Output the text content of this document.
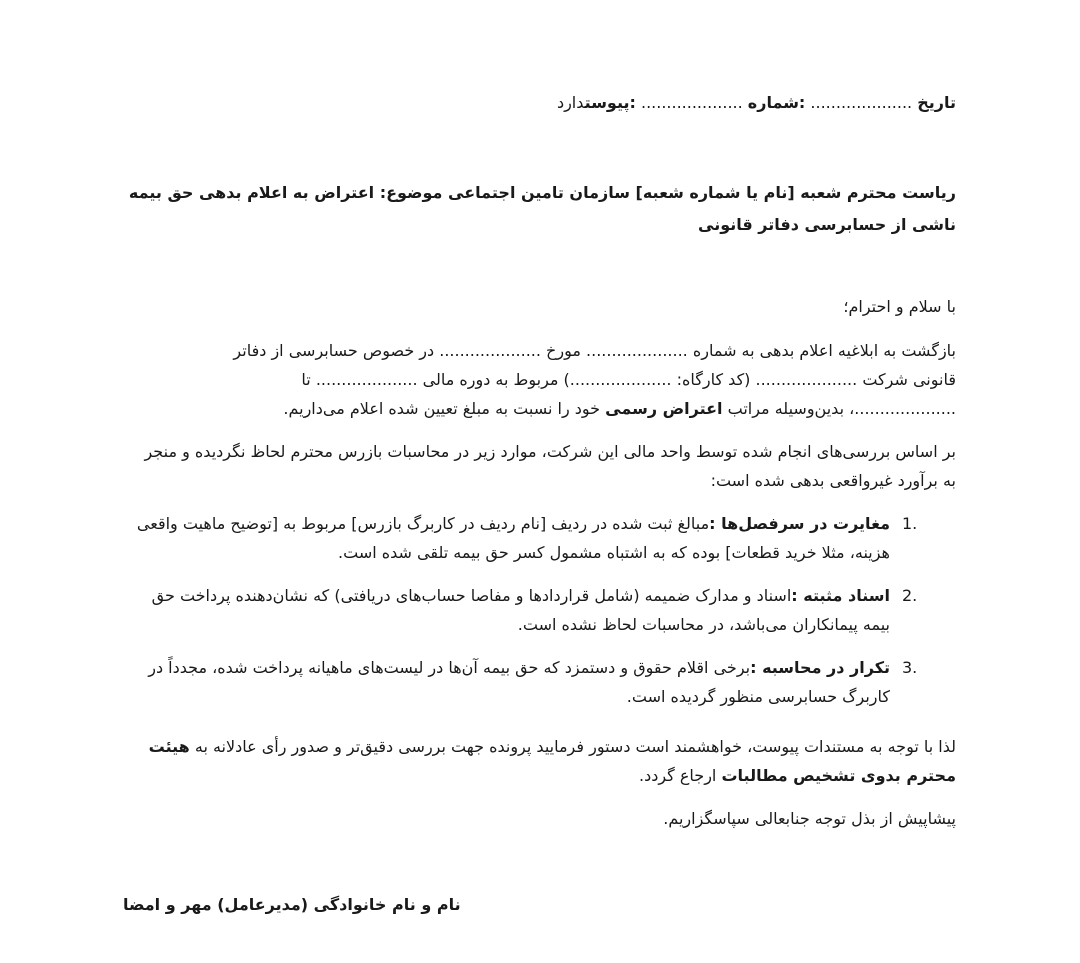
تاریخ .................... :شماره .................... :پیوستدارد
ریاست محترم شعبه [نام یا شماره شعبه] سازمان تامین اجتماعی موضوع: اعتراض به اعلام بدهی حق بیمه ناشی از حسابرسی دفاتر قانونی
با سلام و احترام؛
بازگشت به ابلاغیه اعلام بدهی به شماره .................... مورخ .................... در خصوص حسابرسی از دفاتر
قانونی شرکت .................... (کد کارگاه: ....................) مربوط به دوره مالی .................... تا
....................، بدین‌وسیله مراتب اعتراض رسمی خود را نسبت به مبلغ تعیین شده اعلام می‌داریم.
بر اساس بررسی‌های انجام شده توسط واحد مالی این شرکت، موارد زیر در محاسبات بازرس محترم لحاظ نگردیده و منجر به برآورد غیرواقعی بدهی شده است:
1.
مغایرت در سرفصل‌ها :مبالغ ثبت شده در ردیف [نام ردیف در کاربرگ بازرس] مربوط به [توضیح ماهیت واقعی هزینه، مثلا خرید قطعات] بوده که به اشتباه مشمول کسر حق بیمه تلقی شده است.
2.
اسناد مثبته :اسناد و مدارک ضمیمه (شامل قراردادها و مفاصا حساب‌های دریافتی) که نشان‌دهنده پرداخت حق بیمه پیمانکاران می‌باشد، در محاسبات لحاظ نشده است.
3.
تکرار در محاسبه :برخی اقلام حقوق و دستمزد که حق بیمه آن‌ها در لیست‌های ماهیانه پرداخت شده، مجدداً در کاربرگ حسابرسی منظور گردیده است.
لذا با توجه به مستندات پیوست، خواهشمند است دستور فرمایید پرونده جهت بررسی دقیق‌تر و صدور رأی عادلانه به هیئت محترم بدوی تشخیص مطالبات ارجاع گردد.
پیشاپیش از بذل توجه جنابعالی سپاسگزاریم.
نام و نام خانوادگی (مدیرعامل) مهر و امضا
